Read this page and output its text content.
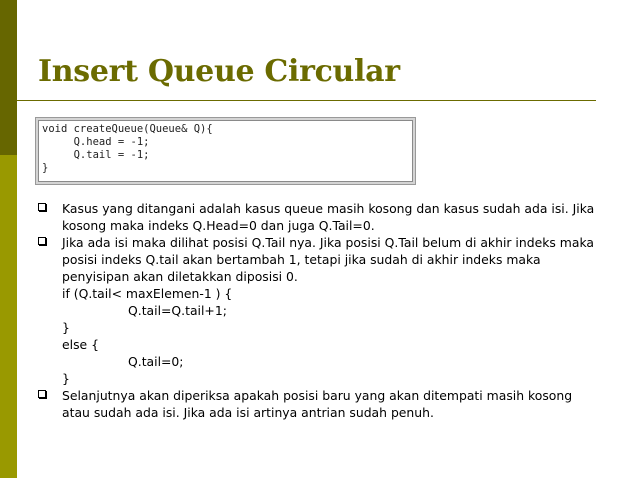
Insert Queue Circular
void createQueue(Queue& Q){
Q.head = -1;
Q.tail = -1;
}
Kasus yang ditangani adalah kasus queue masih kosong dan kasus sudah ada isi. Jika kosong maka indeks Q.Head=0 dan juga Q.Tail=0.
Jika ada isi maka dilihat posisi Q.Tail nya. Jika posisi Q.Tail belum di akhir indeks maka posisi indeks Q.tail akan bertambah 1, tetapi jika sudah di akhir indeks maka penyisipan akan diletakkan diposisi 0.
if (Q.tail< maxElemen-1 ) {
Q.tail=Q.tail+1;
}
else {
Q.tail=0;
}
Selanjutnya akan diperiksa apakah posisi baru yang akan ditempati masih kosong atau sudah ada isi. Jika ada isi artinya antrian sudah penuh.
